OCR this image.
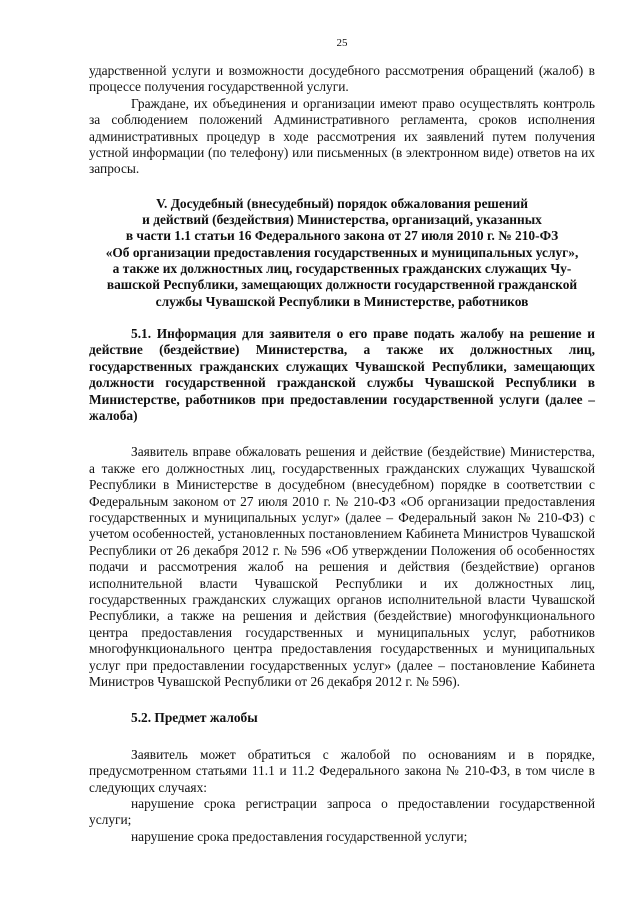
25

ударственной услуги и возможности досудебного рассмотрения обращений (жалоб) в процессе получения государственной услуги.

Граждане, их объединения и организации имеют право осуществлять контроль за соблюдением положений Административного регламента, сроков исполнения административных процедур в ходе рассмотрения их заявлений путем получения устной информации (по телефону) или письменных (в электронном виде) ответов на их запросы.

V. Досудебный (внесудебный) порядок обжалования решений
и действий (бездействия) Министерства, организаций, указанных
в части 1.1 статьи 16 Федерального закона от 27 июля 2010 г. № 210-ФЗ
«Об организации предоставления государственных и муниципальных услуг»,
а также их должностных лиц, государственных гражданских служащих Чу-
вашской Республики, замещающих должности государственной гражданской
службы Чувашской Республики в Министерстве, работников

5.1. Информация для заявителя о его праве подать жалобу на решение и действие (бездействие) Министерства, а также их должностных лиц, государственных гражданских служащих Чувашской Республики, замещающих должности государственной гражданской службы Чувашской Республики в Министерстве, работников при предоставлении государственной услуги (далее – жалоба)

Заявитель вправе обжаловать решения и действие (бездействие) Министерства, а также его должностных лиц, государственных гражданских служащих Чувашской Республики в Министерстве в досудебном (внесудебном) порядке в соответствии с Федеральным законом от 27 июля 2010 г. № 210-ФЗ «Об организации предоставления государственных и муниципальных услуг» (далее – Федеральный закон № 210-ФЗ) с учетом особенностей, установленных постановлением Кабинета Министров Чувашской Республики от 26 декабря 2012 г. № 596 «Об утверждении Положения об особенностях подачи и рассмотрения жалоб на решения и действия (бездействие) органов исполнительной власти Чувашской Республики и их должностных лиц, государственных гражданских служащих органов исполнительной власти Чувашской Республики, а также на решения и действия (бездействие) многофункционального центра предоставления государственных и муниципальных услуг, работников многофункционального центра предоставления государственных и муниципальных услуг при предоставлении государственных услуг» (далее – постановление Кабинета Министров Чувашской Республики от 26 декабря 2012 г. № 596).

5.2. Предмет жалобы

Заявитель может обратиться с жалобой по основаниям и в порядке, предусмотренном статьями 11.1 и 11.2 Федерального закона № 210-ФЗ, в том числе в следующих случаях:

нарушение срока регистрации запроса о предоставлении государственной услуги;

нарушение срока предоставления государственной услуги;
